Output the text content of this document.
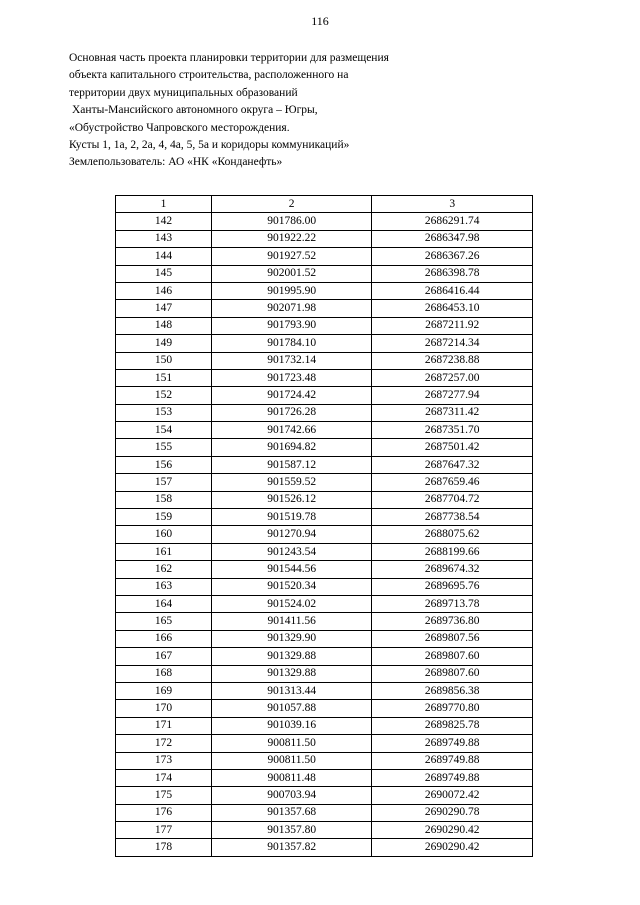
116
Основная часть проекта планировки территории для размещения
объекта капитального строительства, расположенного на
территории двух муниципальных образований
Ханты-Мансийского автономного округа – Югры,
«Обустройство Чапровского месторождения.
Кусты 1, 1а, 2, 2а, 4, 4а, 5, 5а и коридоры коммуникаций»
Землепользователь: АО «НК «Конданефть»
1	2	3
142	901786.00	2686291.74
143	901922.22	2686347.98
144	901927.52	2686367.26
145	902001.52	2686398.78
146	901995.90	2686416.44
147	902071.98	2686453.10
148	901793.90	2687211.92
149	901784.10	2687214.34
150	901732.14	2687238.88
151	901723.48	2687257.00
152	901724.42	2687277.94
153	901726.28	2687311.42
154	901742.66	2687351.70
155	901694.82	2687501.42
156	901587.12	2687647.32
157	901559.52	2687659.46
158	901526.12	2687704.72
159	901519.78	2687738.54
160	901270.94	2688075.62
161	901243.54	2688199.66
162	901544.56	2689674.32
163	901520.34	2689695.76
164	901524.02	2689713.78
165	901411.56	2689736.80
166	901329.90	2689807.56
167	901329.88	2689807.60
168	901329.88	2689807.60
169	901313.44	2689856.38
170	901057.88	2689770.80
171	901039.16	2689825.78
172	900811.50	2689749.88
173	900811.50	2689749.88
174	900811.48	2689749.88
175	900703.94	2690072.42
176	901357.68	2690290.78
177	901357.80	2690290.42
178	901357.82	2690290.42
